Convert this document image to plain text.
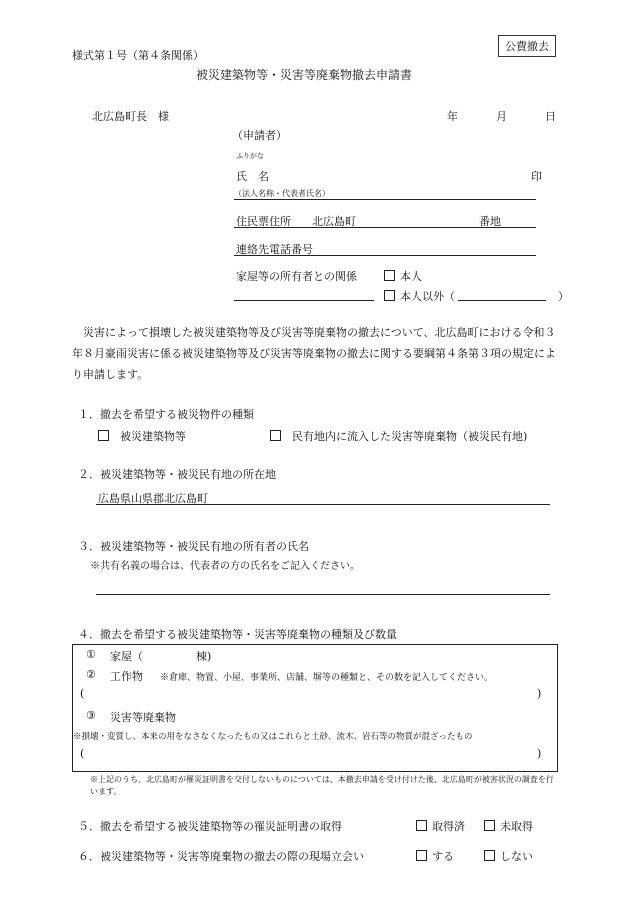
公費撤去
様式第１号（第４条関係）
被災建築物等・災害等廃棄物撤去申請書
北広島町長　様	年	月	日
（申請者）
ふりがな
氏　名	印
（法人名称・代表者氏名）
住民票住所 北広島町	番地
連絡先電話番号
家屋等の所有者との関係	本人
本人以外（	）
災害によって損壊した被災建築物等及び災害等廃棄物の撤去について、北広島町における令和３年８月豪雨災害に係る被災建築物等及び災害等廃棄物の撤去に関する要綱第４条第３項の規定により申請します。
１．撤去を希望する被災物件の種類
被災建築物等	民有地内に流入した災害等廃棄物（被災民有地)
２．被災建築物等・被災民有地の所在地
広島県山県郡北広島町
３．被災建築物等・被災民有地の所有者の氏名
※共有名義の場合は、代表者の方の氏名をご記入ください。
４．撤去を希望する被災建築物等・災害等廃棄物の種類及び数量
① 家屋（	棟)
② 工作物 ※倉庫、物置、小屋、事業所、店舗、塀等の種類と、その数を記入してください。
(	)
③ 災害等廃棄物
※損壊・変質し、本来の用をなさなくなったもの又はこれらと土砂、流木、岩石等の物質が混ざったもの
(	)
※上記のうち、北広島町が罹災証明書を交付しないものについては、本撤去申請を受け付けた後、北広島町が被害状況の調査を行います。
５．撤去を希望する被災建築物等の罹災証明書の取得	取得済	未取得
６．被災建築物等・災害等廃棄物の撤去の際の現場立会い	する	しない
